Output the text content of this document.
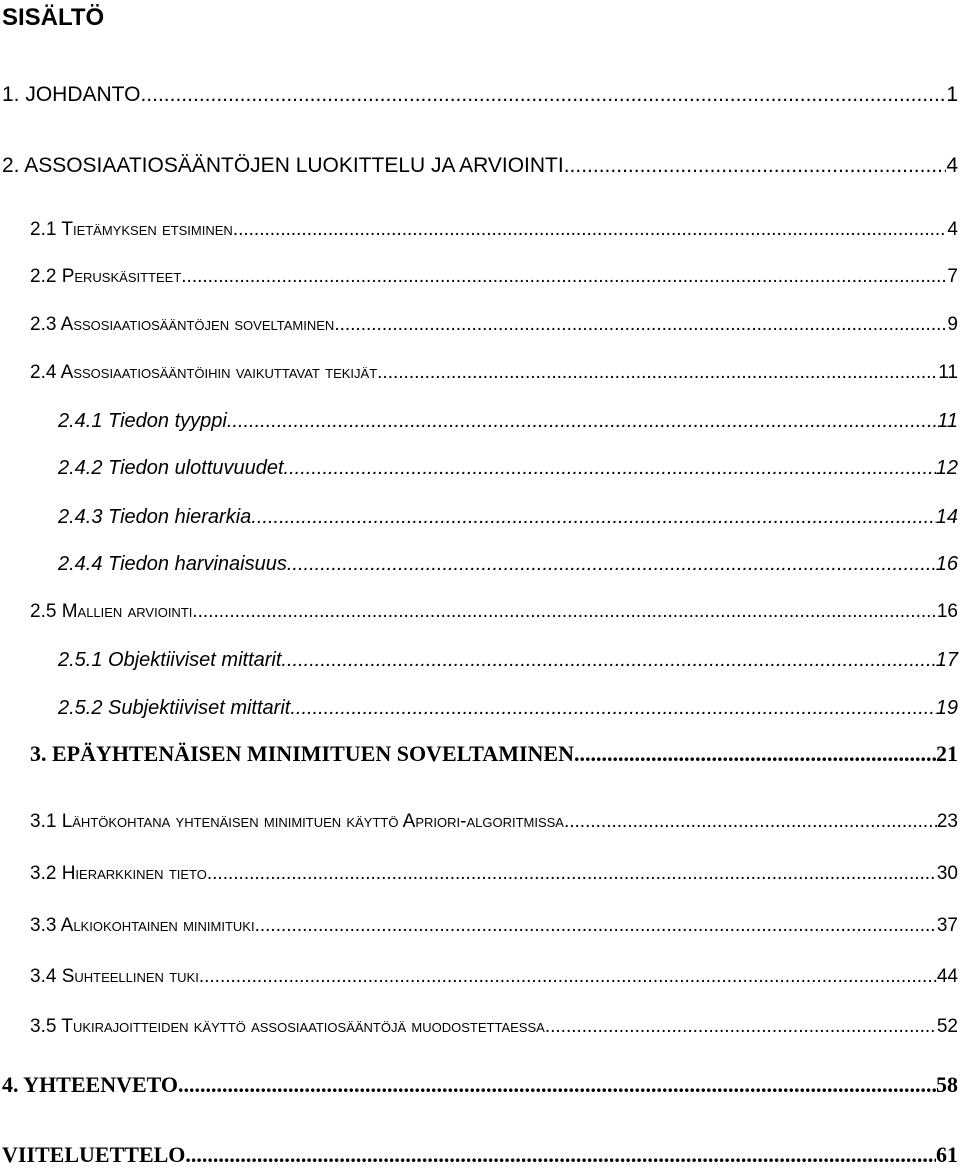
SISÄLTÖ
1. JOHDANTO .....	1
2. ASSOSIAATIOSÄÄNTÖJEN LUOKITTELU JA ARVIOINTI .....	4
2.1 Tietämyksen etsiminen .....	4
2.2 Peruskäsitteet .....	7
2.3 Assosiaatiosääntöjen soveltaminen .....	9
2.4 Assosiaatiosääntöihin vaikuttavat tekijät .....	11
2.4.1 Tiedon tyyppi .....	11
2.4.2 Tiedon ulottuvuudet .....	12
2.4.3 Tiedon hierarkia .....	14
2.4.4 Tiedon harvinaisuus .....	16
2.5 Mallien arviointi .....	16
2.5.1 Objektiiviset mittarit .....	17
2.5.2 Subjektiiviset mittarit .....	19
3. EPÄYHTENÄISEN MINIMITUEN SOVELTAMINEN .....	21
3.1 Lähtökohtana yhtenäisen minimituen käyttö Apriori-algoritmissa .....	23
3.2 Hierarkkinen tieto .....	30
3.3 Alkiokohtainen minimituki .....	37
3.4 Suhteellinen tuki .....	44
3.5 Tukirajoitteiden käyttö assosiaatiosääntöjä muodostettaessa .....	52
4. YHTEENVETO .....	58
VIITELUETTELO .....	61
